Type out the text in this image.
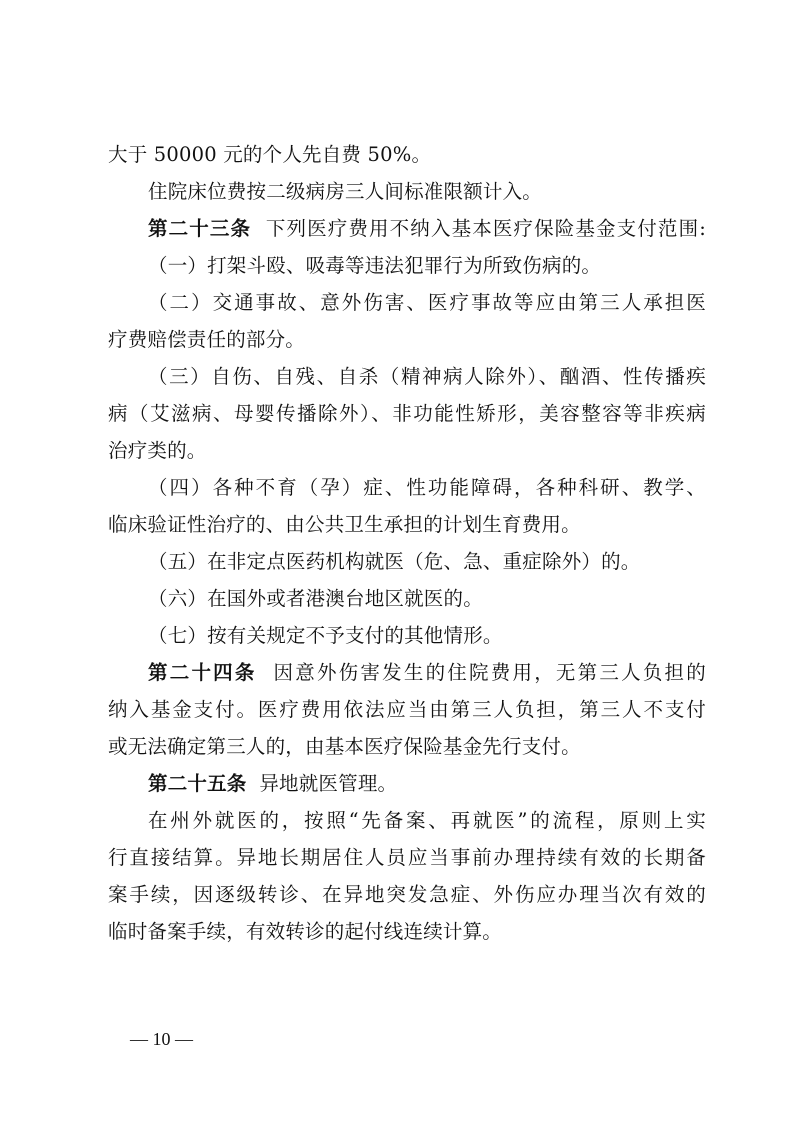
大于 50000 元的个人先自费 50%。
住院床位费按二级病房三人间标准限额计入。
第二十三条 下列医疗费用不纳入基本医疗保险基金支付范围:
（一）打架斗殴、吸毒等违法犯罪行为所致伤病的。
（二）交通事故、意外伤害、医疗事故等应由第三人承担医
疗费赔偿责任的部分。
（三）自伤、自残、自杀（精神病人除外）、酗酒、性传播疾
病（艾滋病、母婴传播除外）、非功能性矫形，美容整容等非疾病
治疗类的。
（四）各种不育（孕）症、性功能障碍，各种科研、教学、
临床验证性治疗的、由公共卫生承担的计划生育费用。
（五）在非定点医药机构就医（危、急、重症除外）的。
（六）在国外或者港澳台地区就医的。
（七）按有关规定不予支付的其他情形。
第二十四条 因意外伤害发生的住院费用，无第三人负担的
纳入基金支付。医疗费用依法应当由第三人负担，第三人不支付
或无法确定第三人的，由基本医疗保险基金先行支付。
第二十五条 异地就医管理。
在州外就医的，按照“先备案、再就医”的流程，原则上实
行直接结算。异地长期居住人员应当事前办理持续有效的长期备
案手续，因逐级转诊、在异地突发急症、外伤应办理当次有效的
临时备案手续，有效转诊的起付线连续计算。
— 10 —
